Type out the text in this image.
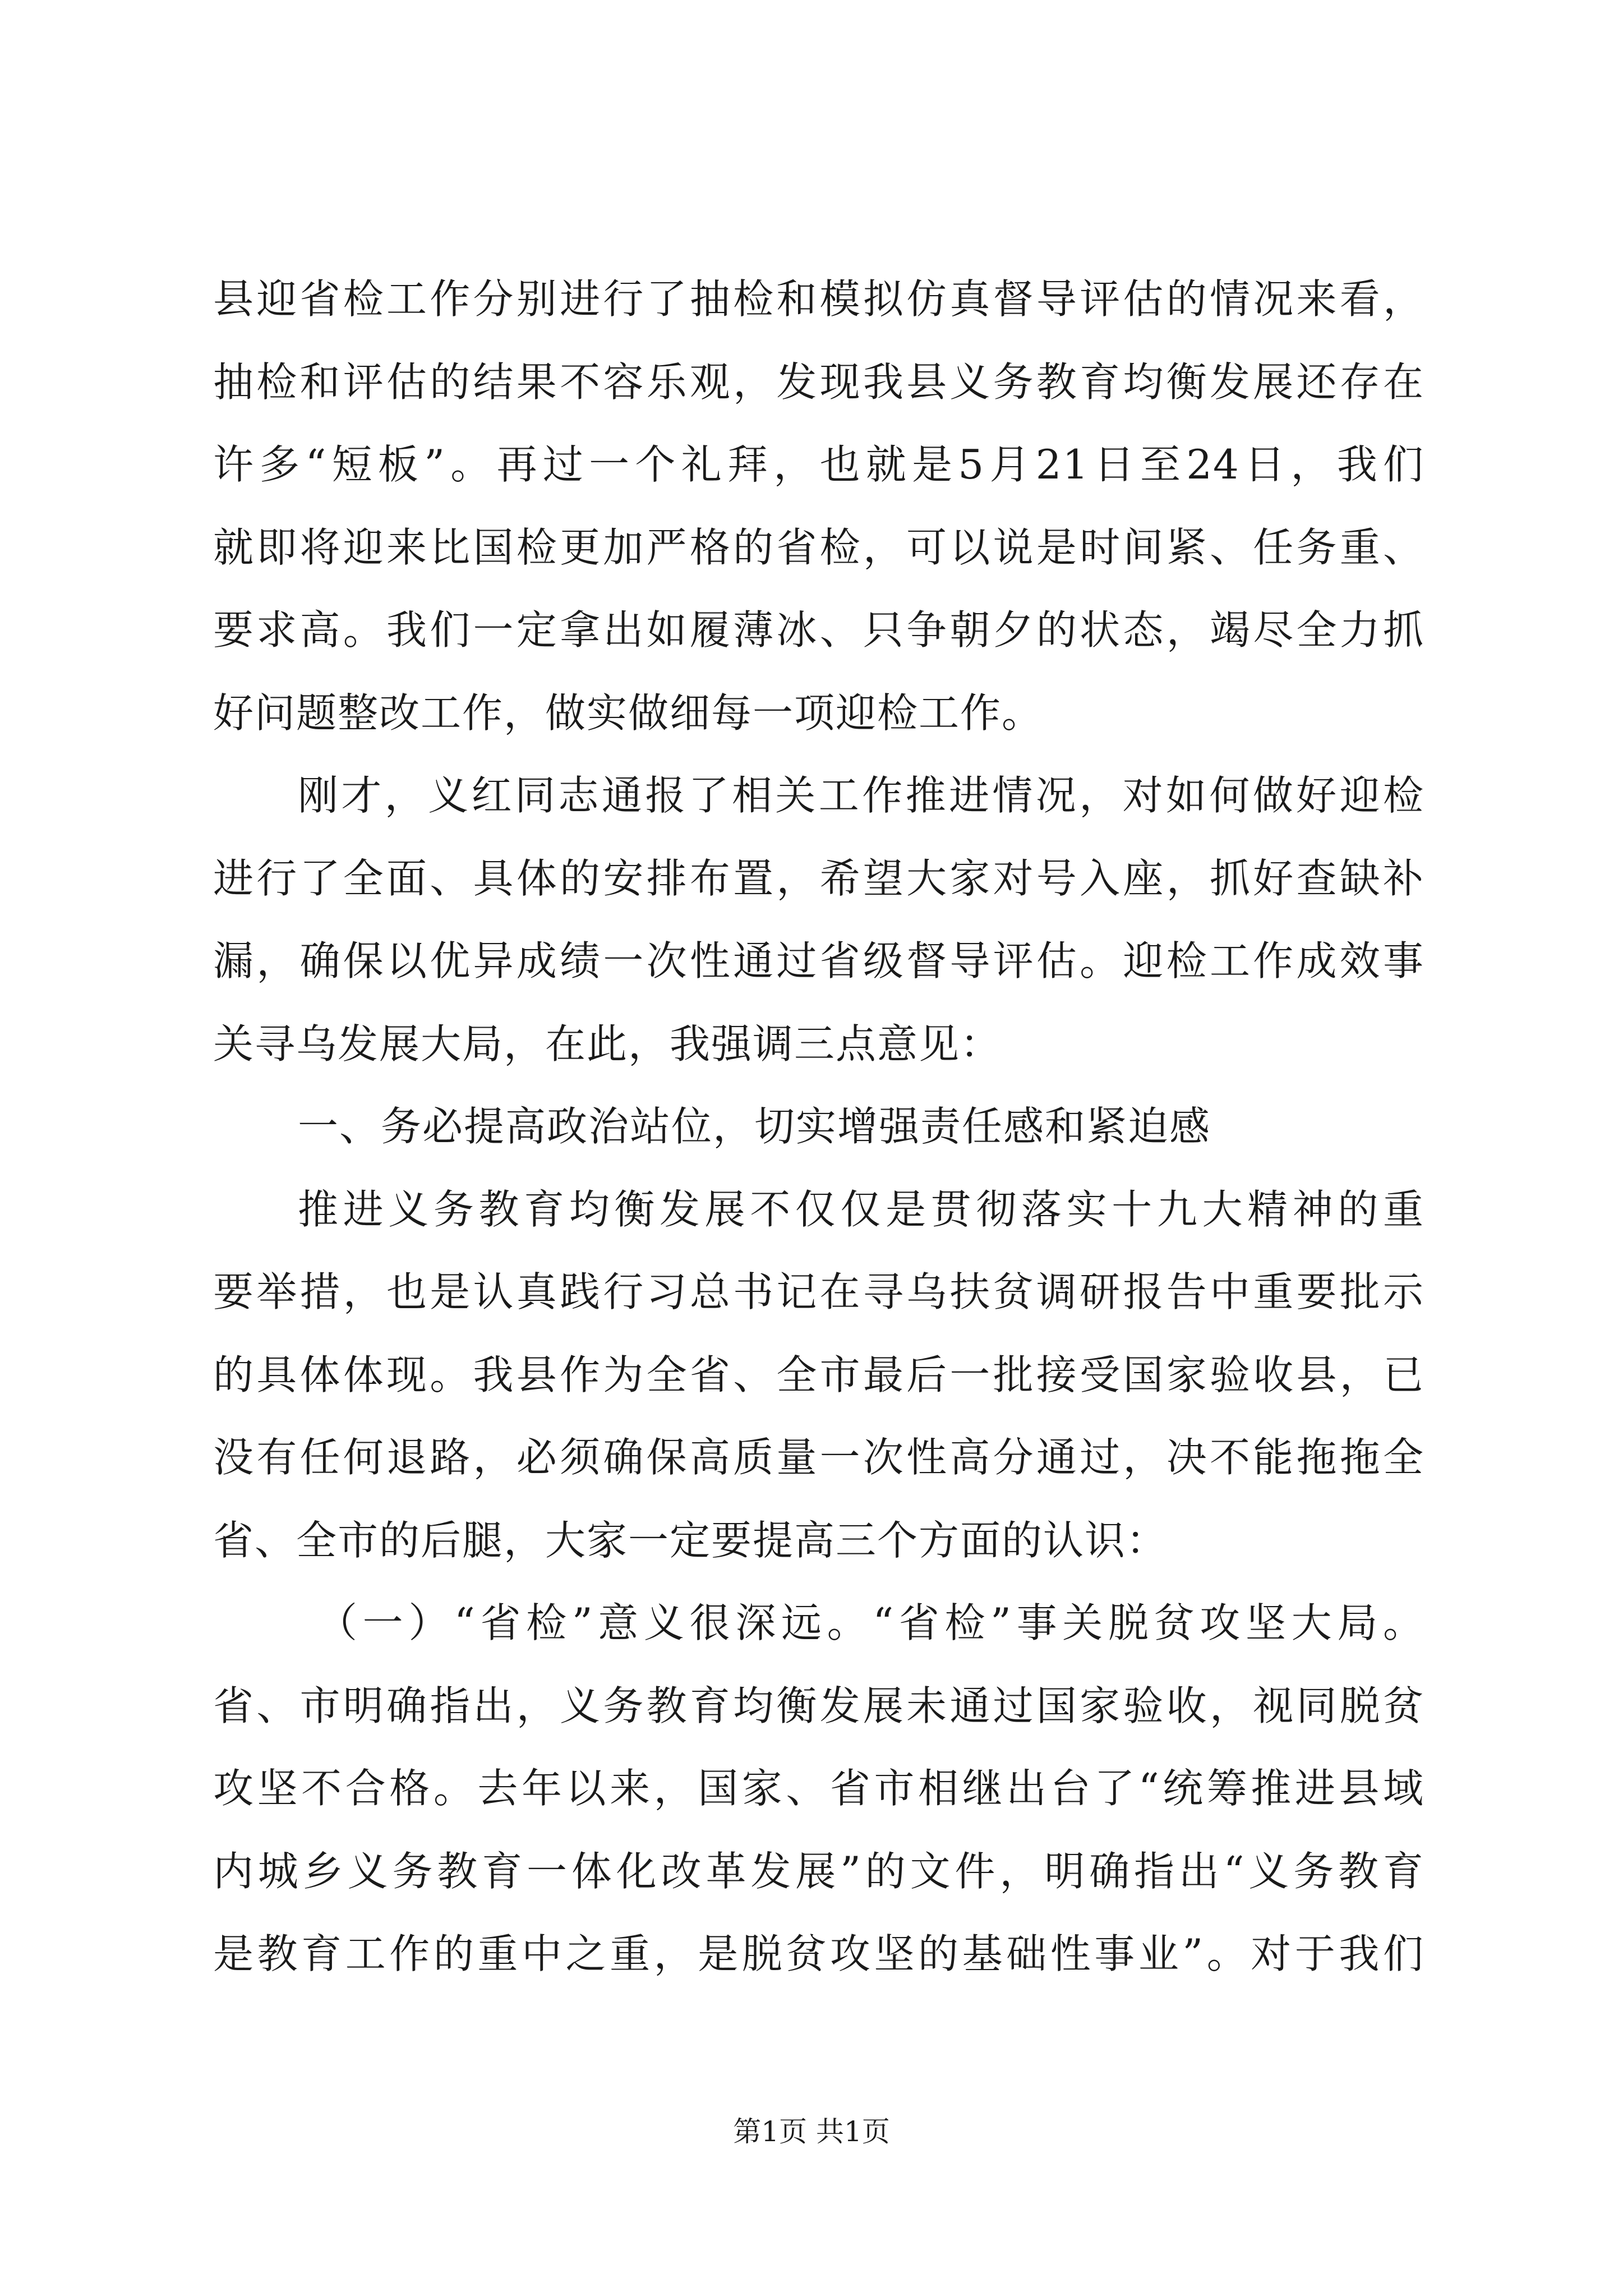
县迎省检工作分别进行了抽检和模拟仿真督导评估的情况来看，
抽检和评估的结果不容乐观，发现我县义务教育均衡发展还存在
许多“短板”。再过一个礼拜，也就是5月21日至24日，我们
就即将迎来比国检更加严格的省检，可以说是时间紧、任务重、
要求高。我们一定拿出如履薄冰、只争朝夕的状态，竭尽全力抓
好问题整改工作，做实做细每一项迎检工作。
刚才，义红同志通报了相关工作推进情况，对如何做好迎检
进行了全面、具体的安排布置，希望大家对号入座，抓好查缺补
漏，确保以优异成绩一次性通过省级督导评估。迎检工作成效事
关寻乌发展大局，在此，我强调三点意见：
一、务必提高政治站位，切实增强责任感和紧迫感
推进义务教育均衡发展不仅仅是贯彻落实十九大精神的重
要举措，也是认真践行习总书记在寻乌扶贫调研报告中重要批示
的具体体现。我县作为全省、全市最后一批接受国家验收县，已
没有任何退路，必须确保高质量一次性高分通过，决不能拖拖全
省、全市的后腿，大家一定要提高三个方面的认识：
（一）“省检”意义很深远。“省检”事关脱贫攻坚大局。
省、市明确指出，义务教育均衡发展未通过国家验收，视同脱贫
攻坚不合格。去年以来，国家、省市相继出台了“统筹推进县域
内城乡义务教育一体化改革发展”的文件，明确指出“义务教育
是教育工作的重中之重，是脱贫攻坚的基础性事业”。对于我们
第1页 共1页
